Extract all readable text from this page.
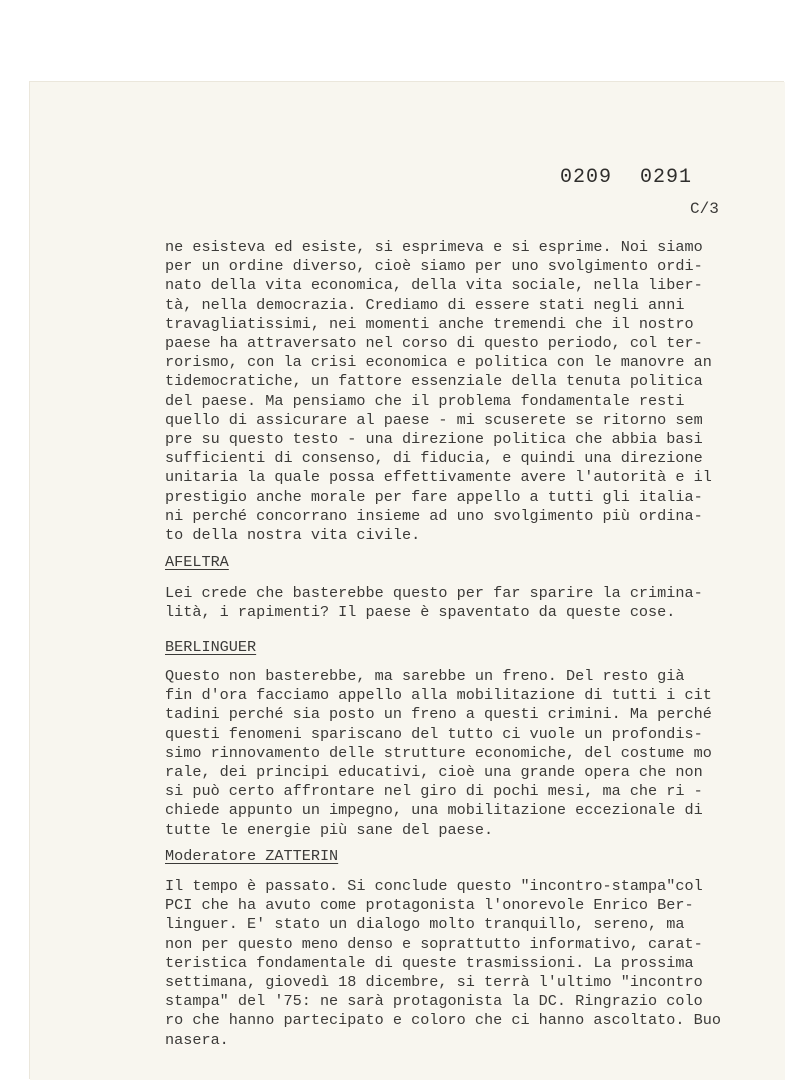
0209 0291
C/3
ne esisteva ed esiste, si esprimeva e si esprime. Noi siamo
per un ordine diverso, cioè siamo per uno svolgimento ordi-
nato della vita economica, della vita sociale, nella liber-
tà, nella democrazia. Crediamo di essere stati negli anni
travagliatissimi, nei momenti anche tremendi che il nostro
paese ha attraversato nel corso di questo periodo, col ter-
rorismo, con la crisi economica e politica con le manovre an
tidemocratiche, un fattore essenziale della tenuta politica
del paese. Ma pensiamo che il problema fondamentale resti
quello di assicurare al paese - mi scuserete se ritorno sem
pre su questo testo - una direzione politica che abbia basi
sufficienti di consenso, di fiducia, e quindi una direzione
unitaria la quale possa effettivamente avere l'autorità e il
prestigio anche morale per fare appello a tutti gli italia-
ni perché concorrano insieme ad uno svolgimento più ordina-
to della nostra vita civile.
AFELTRA
Lei crede che basterebbe questo per far sparire la crimina-
lità, i rapimenti? Il paese è spaventato da queste cose.
BERLINGUER
Questo non basterebbe, ma sarebbe un freno. Del resto già
fin d'ora facciamo appello alla mobilitazione di tutti i cit
tadini perché sia posto un freno a questi crimini. Ma perché
questi fenomeni spariscano del tutto ci vuole un profondis-
simo rinnovamento delle strutture economiche, del costume mo
rale, dei principi educativi, cioè una grande opera che non
si può certo affrontare nel giro di pochi mesi, ma che ri -
chiede appunto un impegno, una mobilitazione eccezionale di
tutte le energie più sane del paese.
Moderatore ZATTERIN
Il tempo è passato. Si conclude questo "incontro-stampa"col
PCI che ha avuto come protagonista l'onorevole Enrico Ber-
linguer. E' stato un dialogo molto tranquillo, sereno, ma
non per questo meno denso e soprattutto informativo, carat-
teristica fondamentale di queste trasmissioni. La prossima
settimana, giovedì 18 dicembre, si terrà l'ultimo "incontro
stampa" del '75: ne sarà protagonista la DC. Ringrazio colo
ro che hanno partecipato e coloro che ci hanno ascoltato. Buo
nasera.
